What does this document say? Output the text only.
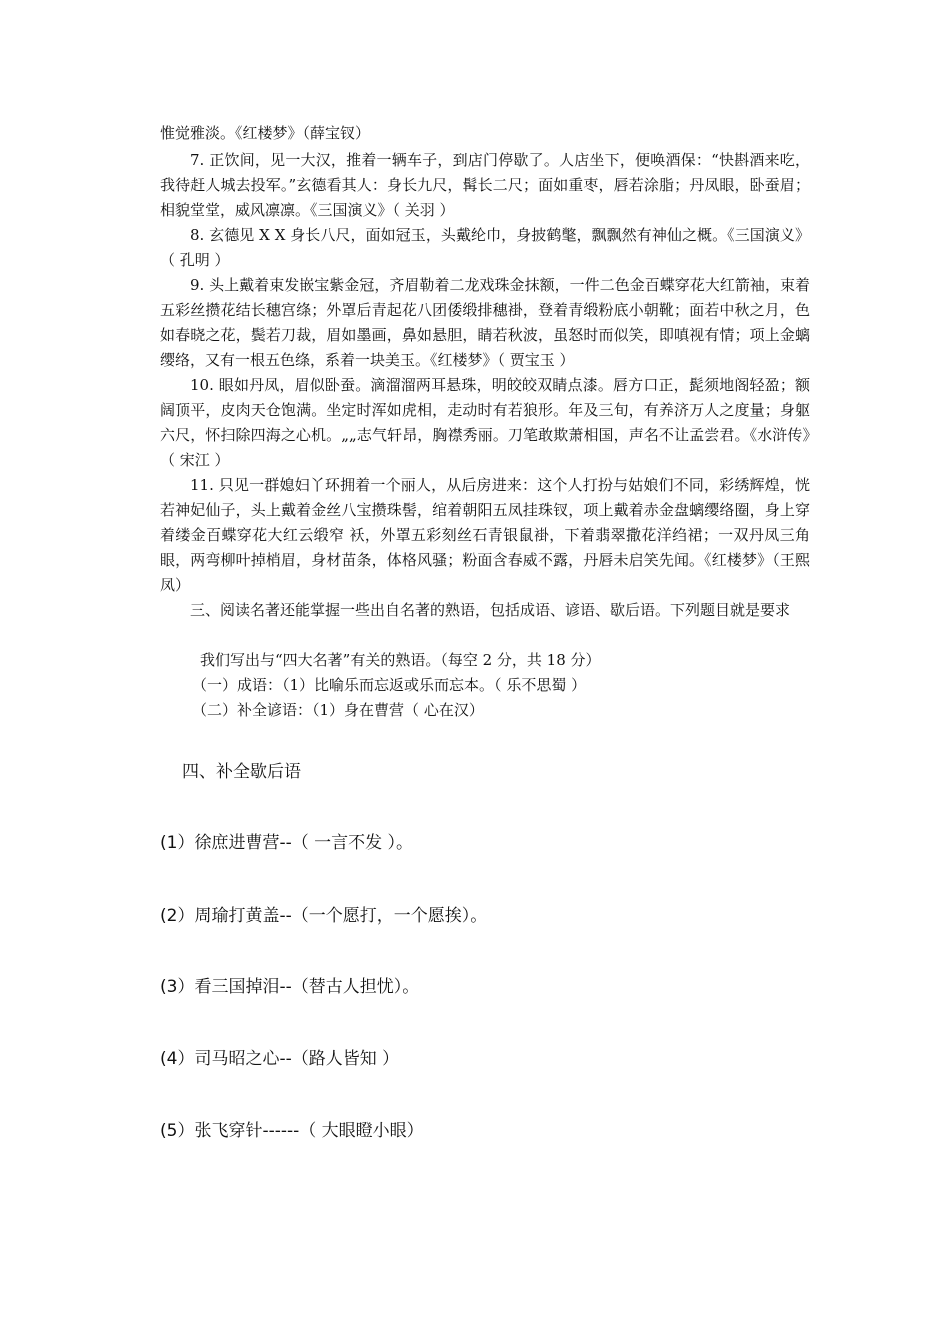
惟觉雅淡。《红楼梦》（薛宝钗）

7. 正饮间，见一大汉，推着一辆车子，到店门停歇了。人店坐下，便唤酒保：“快斟酒来吃，我待赶人城去投军。”玄德看其人：身长九尺，髯长二尺；面如重枣，唇若涂脂；丹凤眼，卧蚕眉；相貌堂堂，威风凛凛。《三国演义》（ 关羽 ）

8. 玄德见 X X 身长八尺，面如冠玉，头戴纶巾，身披鹤氅，飘飘然有神仙之概。《三国演义》（ 孔明 ）

9. 头上戴着束发嵌宝紫金冠，齐眉勒着二龙戏珠金抹额，一件二色金百蝶穿花大红箭袖，束着五彩丝攒花结长穗宫绦；外罩后青起花八团倭缎排穗褂，登着青缎粉底小朝靴；面若中秋之月，色如春晓之花，鬓若刀裁，眉如墨画，鼻如悬胆，睛若秋波，虽怒时而似笑，即嗔视有情；项上金螭缨络，又有一根五色绦，系着一块美玉。《红楼梦》（ 贾宝玉 ）

10. 眼如丹凤，眉似卧蚕。滴溜溜两耳悬珠，明皎皎双睛点漆。唇方口正，髭须地阁轻盈；额阔顶平，皮肉天仓饱满。坐定时浑如虎相，走动时有若狼形。年及三旬，有养济万人之度量；身躯六尺，怀扫除四海之心机。„„志气轩昂，胸襟秀丽。刀笔敢欺萧相国，声名不让孟尝君。《水浒传》（ 宋江 ）

11. 只见一群媳妇丫环拥着一个丽人，从后房进来：这个人打扮与姑娘们不同，彩绣辉煌，恍若神妃仙子，头上戴着金丝八宝攒珠髻，绾着朝阳五凤挂珠钗，项上戴着赤金盘螭缨络圈，身上穿着缕金百蝶穿花大红云缎窄 袄，外罩五彩刻丝石青银鼠褂，下着翡翠撒花洋绉裙；一双丹凤三角眼，两弯柳叶掉梢眉，身材苗条，体格风骚；粉面含春威不露，丹唇未启笑先闻。《红楼梦》（王熙凤）

三、阅读名著还能掌握一些出自名著的熟语，包括成语、谚语、歇后语。下列题目就是要求

我们写出与“四大名著”有关的熟语。（每空 2 分，共 18 分）

（一）成语：（1）比喻乐而忘返或乐而忘本。（ 乐不思蜀 ）

（二）补全谚语：（1）身在曹营（ 心在汉）

四、补全歇后语

(1）徐庶进曹营--（ 一言不发 ）。

(2）周瑜打黄盖--（一个愿打，一个愿挨）。

(3）看三国掉泪--（替古人担忧）。

(4）司马昭之心--（路人皆知 ）

(5）张飞穿针------（ 大眼瞪小眼）
